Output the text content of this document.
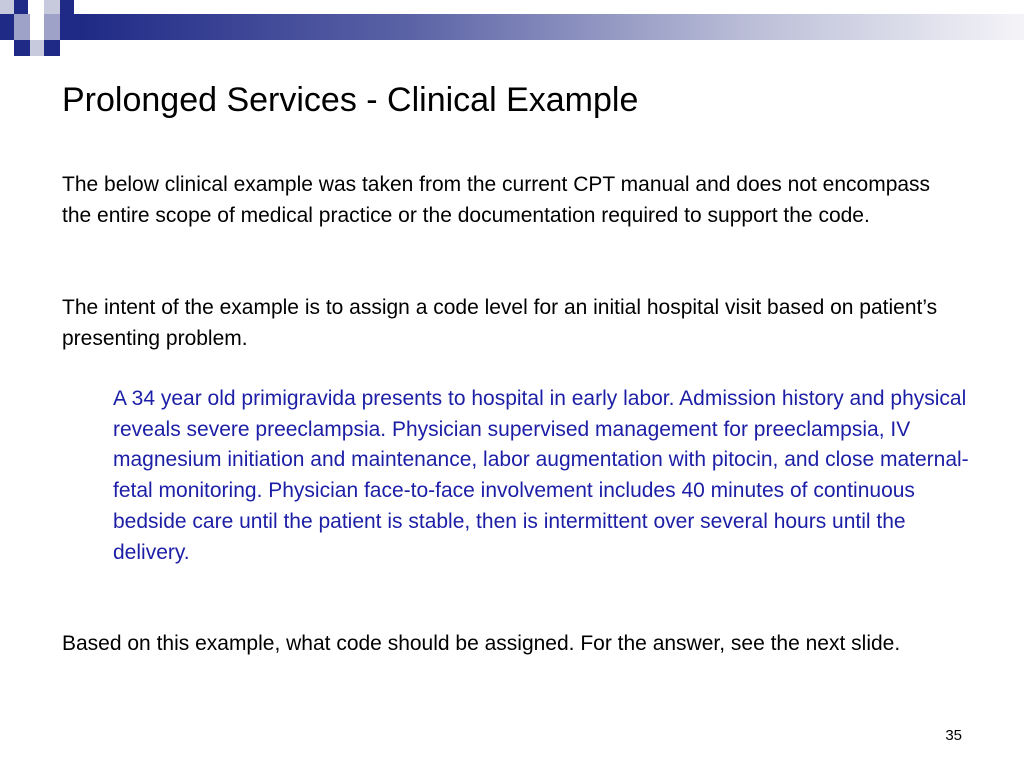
Prolonged Services - Clinical Example

The below clinical example was taken from the current CPT manual and does not encompass the entire scope of medical practice or the documentation required to support the code.

The intent of the example is to assign a code level for an initial hospital visit based on patient’s presenting problem.

A 34 year old primigravida presents to hospital in early labor. Admission history and physical reveals severe preeclampsia. Physician supervised management for preeclampsia, IV magnesium initiation and maintenance, labor augmentation with pitocin, and close maternal-fetal monitoring. Physician face-to-face involvement includes 40 minutes of continuous bedside care until the patient is stable, then is intermittent over several hours until the delivery.

Based on this example, what code should be assigned. For the answer, see the next slide.

35
